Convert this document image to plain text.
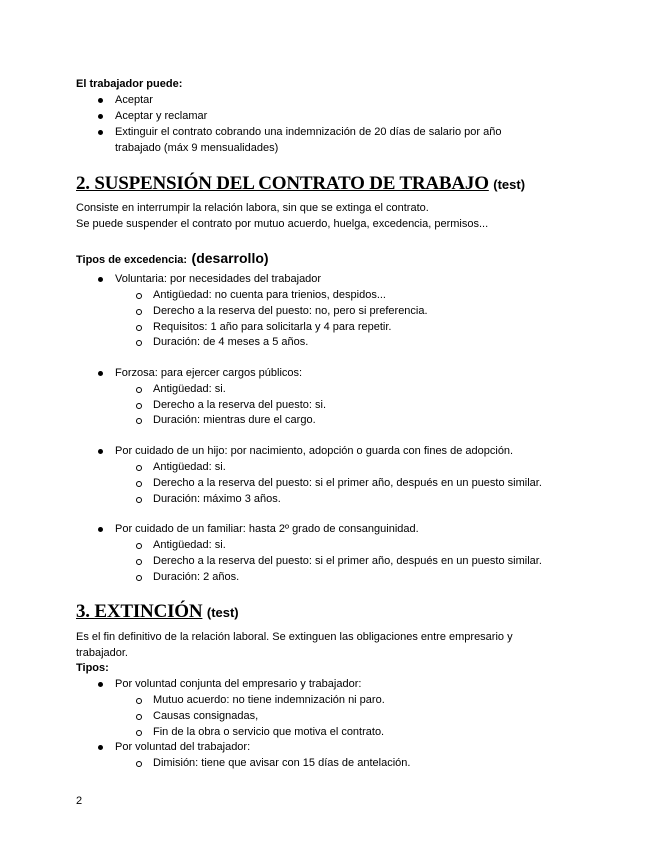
El trabajador puede:
Aceptar
Aceptar y reclamar
Extinguir el contrato cobrando una indemnización de 20 días de salario por año
trabajado (máx 9 mensualidades)
2. SUSPENSIÓN DEL CONTRATO DE TRABAJO (test)
Consiste en interrumpir la relación labora, sin que se extinga el contrato.
Se puede suspender el contrato por mutuo acuerdo, huelga, excedencia, permisos...
Tipos de excedencia: (desarrollo)
Voluntaria: por necesidades del trabajador
Antigüedad: no cuenta para trienios, despidos...
Derecho a la reserva del puesto: no, pero si preferencia.
Requisitos: 1 año para solicitarla y 4 para repetir.
Duración: de 4 meses a 5 años.
Forzosa: para ejercer cargos públicos:
Antigüedad: si.
Derecho a la reserva del puesto: si.
Duración: mientras dure el cargo.
Por cuidado de un hijo: por nacimiento, adopción o guarda con fines de adopción.
Antigüedad: si.
Derecho a la reserva del puesto: si el primer año, después en un puesto similar.
Duración: máximo 3 años.
Por cuidado de un familiar: hasta 2º grado de consanguinidad.
Antigüedad: si.
Derecho a la reserva del puesto: si el primer año, después en un puesto similar.
Duración: 2 años.
3. EXTINCIÓN (test)
Es el fin definitivo de la relación laboral. Se extinguen las obligaciones entre empresario y
trabajador.
Tipos:
Por voluntad conjunta del empresario y trabajador:
Mutuo acuerdo: no tiene indemnización ni paro.
Causas consignadas,
Fin de la obra o servicio que motiva el contrato.
Por voluntad del trabajador:
Dimisión: tiene que avisar con 15 días de antelación.
2
